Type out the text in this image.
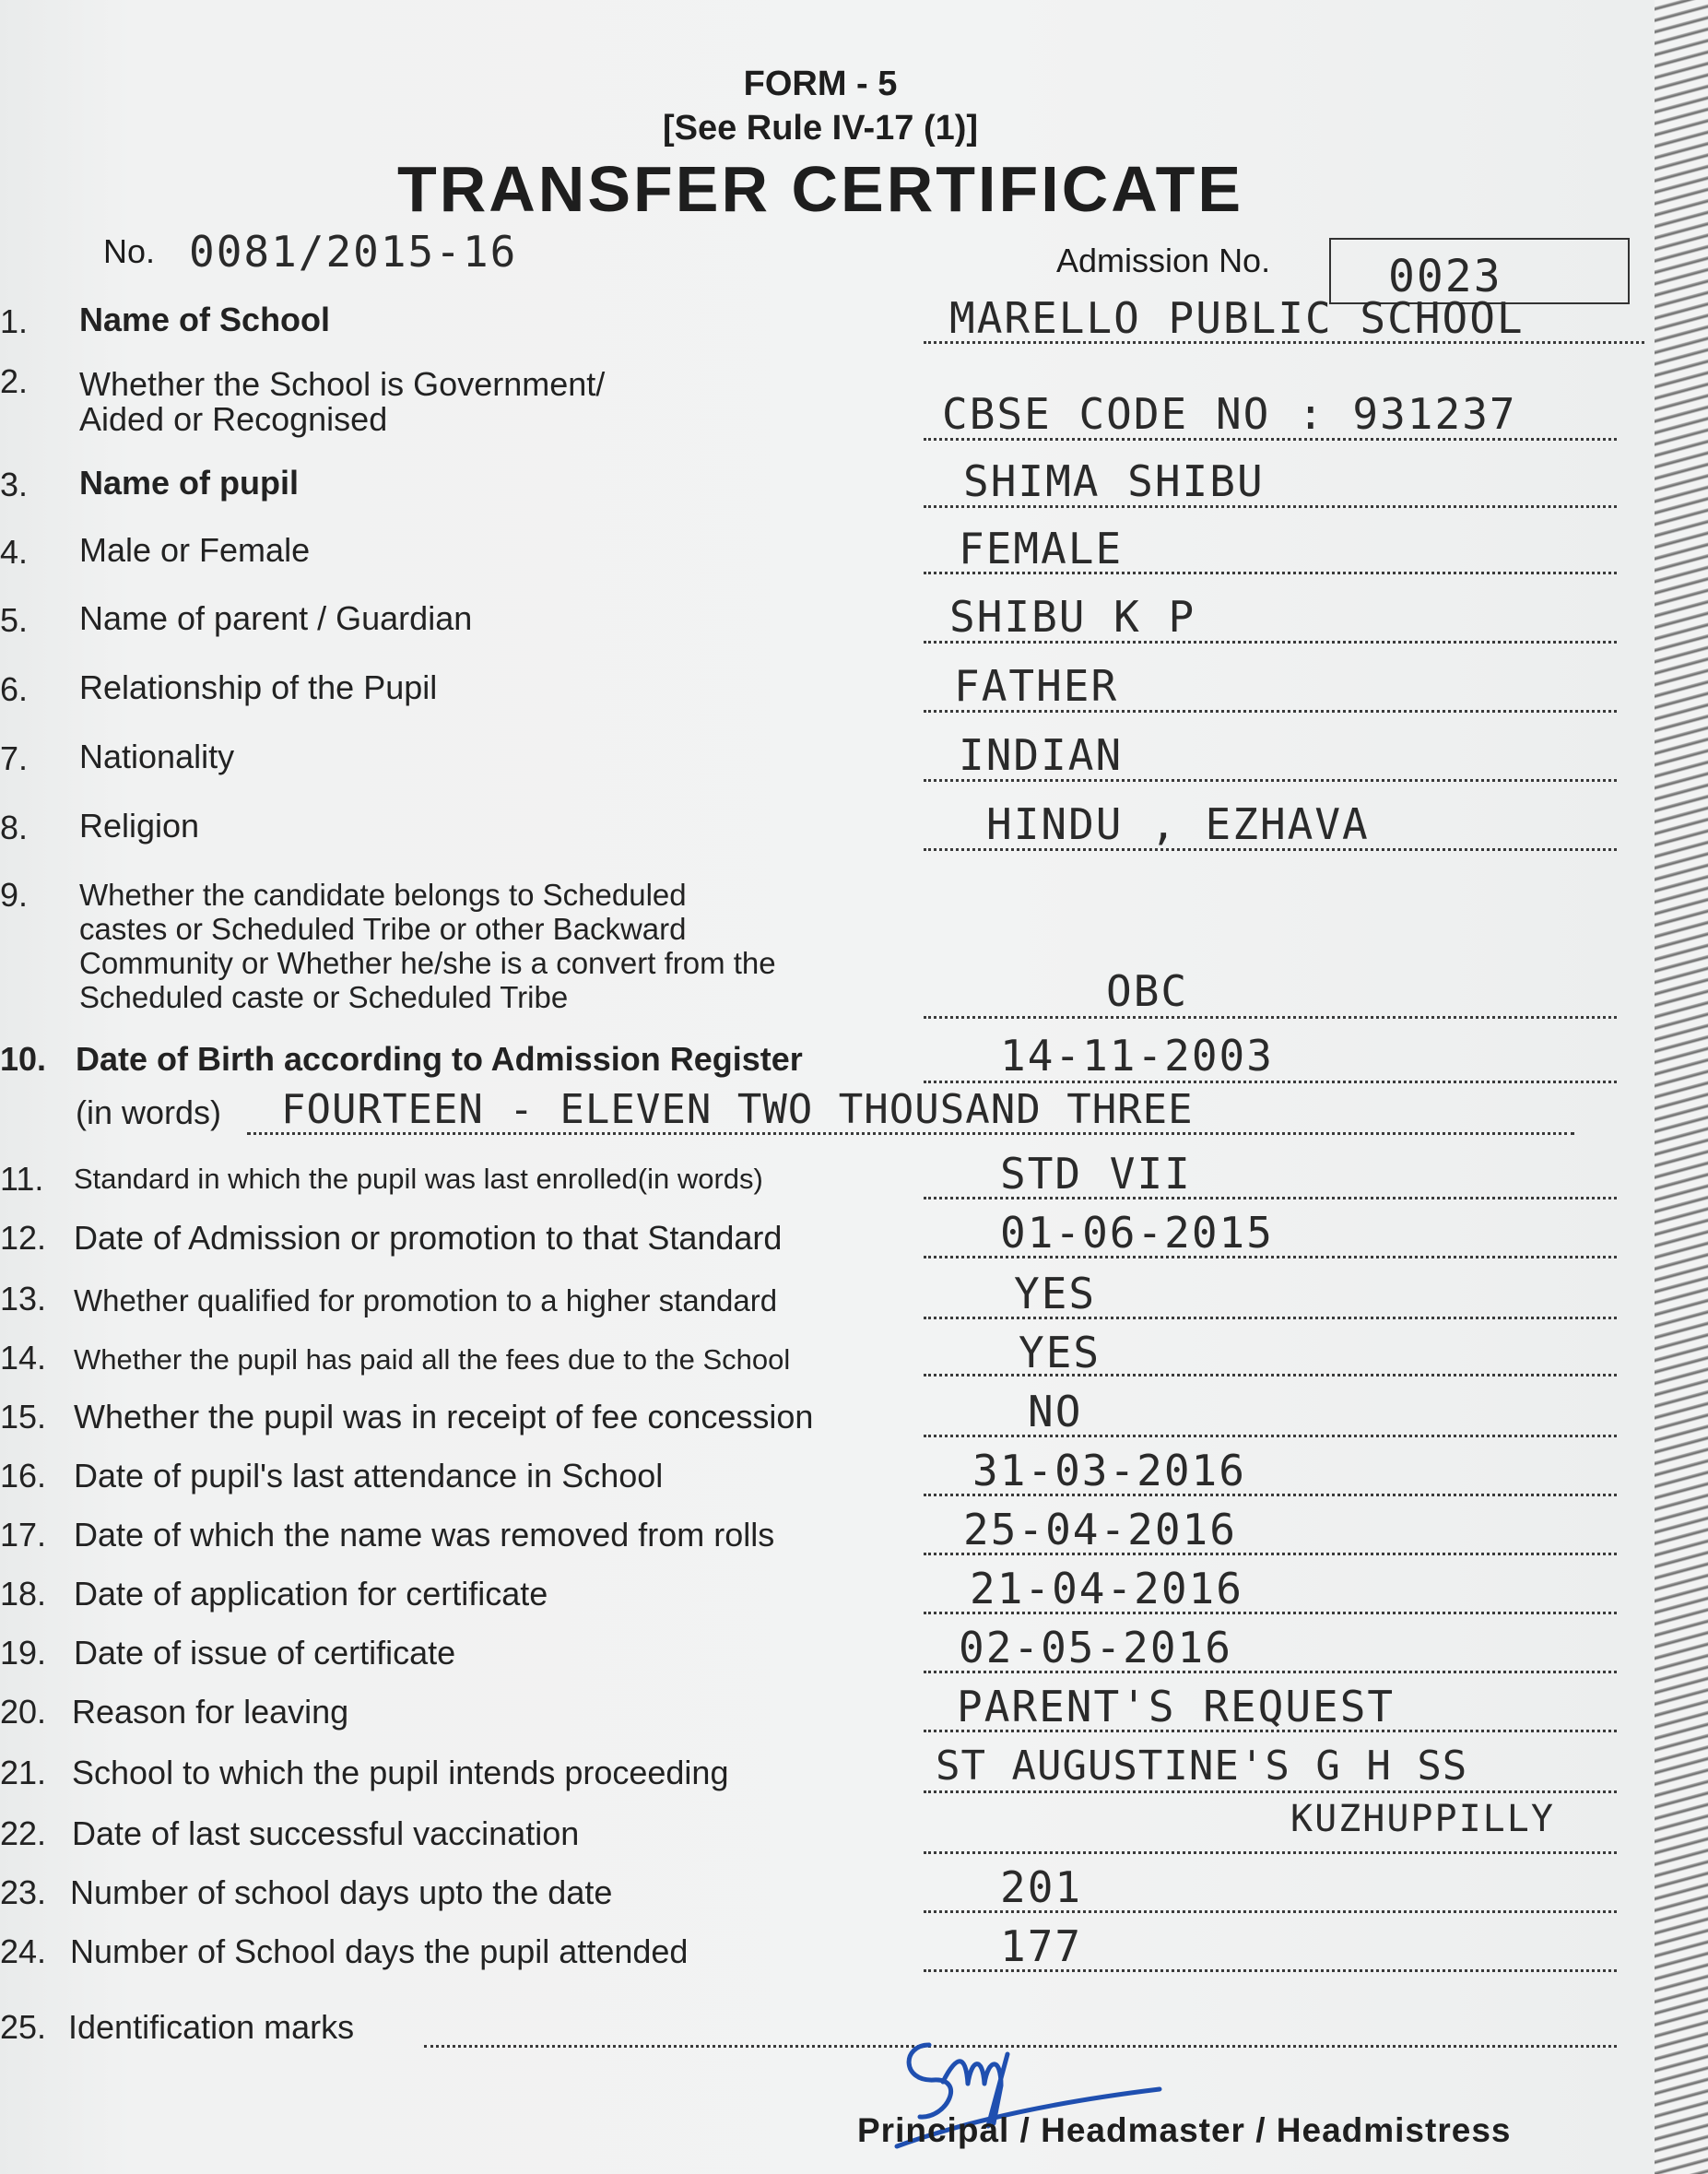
FORM - 5
[See Rule IV-17 (1)]
TRANSFER CERTIFICATE
No. 0081/2015-16	Admission No.	0023
1. Name of School	MARELLO PUBLIC SCHOOL
2. Whether the School is Government/
Aided or Recognised	CBSE CODE NO : 931237
3. Name of pupil	SHIMA SHIBU
4. Male or Female	FEMALE
5. Name of parent / Guardian	SHIBU K P
6. Relationship of the Pupil	FATHER
7. Nationality	INDIAN
8. Religion	HINDU , EZHAVA
9. Whether the candidate belongs to Scheduled
castes or Scheduled Tribe or other Backward
Community or Whether he/she is a convert from the
Scheduled caste or Scheduled Tribe	OBC
10. Date of Birth according to Admission Register	14-11-2003
(in words) FOURTEEN - ELEVEN TWO THOUSAND THREE
11. Standard in which the pupil was last enrolled(in words)	STD VII
12. Date of Admission or promotion to that Standard	01-06-2015
13. Whether qualified for promotion to a higher standard	YES
14. Whether the pupil has paid all the fees due to the School	YES
15. Whether the pupil was in receipt of fee concession	NO
16. Date of pupil's last attendance in School	31-03-2016
17. Date of which the name was removed from rolls	25-04-2016
18. Date of application for certificate	21-04-2016
19. Date of issue of certificate	02-05-2016
20. Reason for leaving	PARENT'S REQUEST
21. School to which the pupil intends proceeding	ST AUGUSTINE'S G H SS
KUZHUPPILLY
22. Date of last successful vaccination
23. Number of school days upto the date	201
24. Number of School days the pupil attended	177
25. Identification marks
Principal / Headmaster / Headmistress
